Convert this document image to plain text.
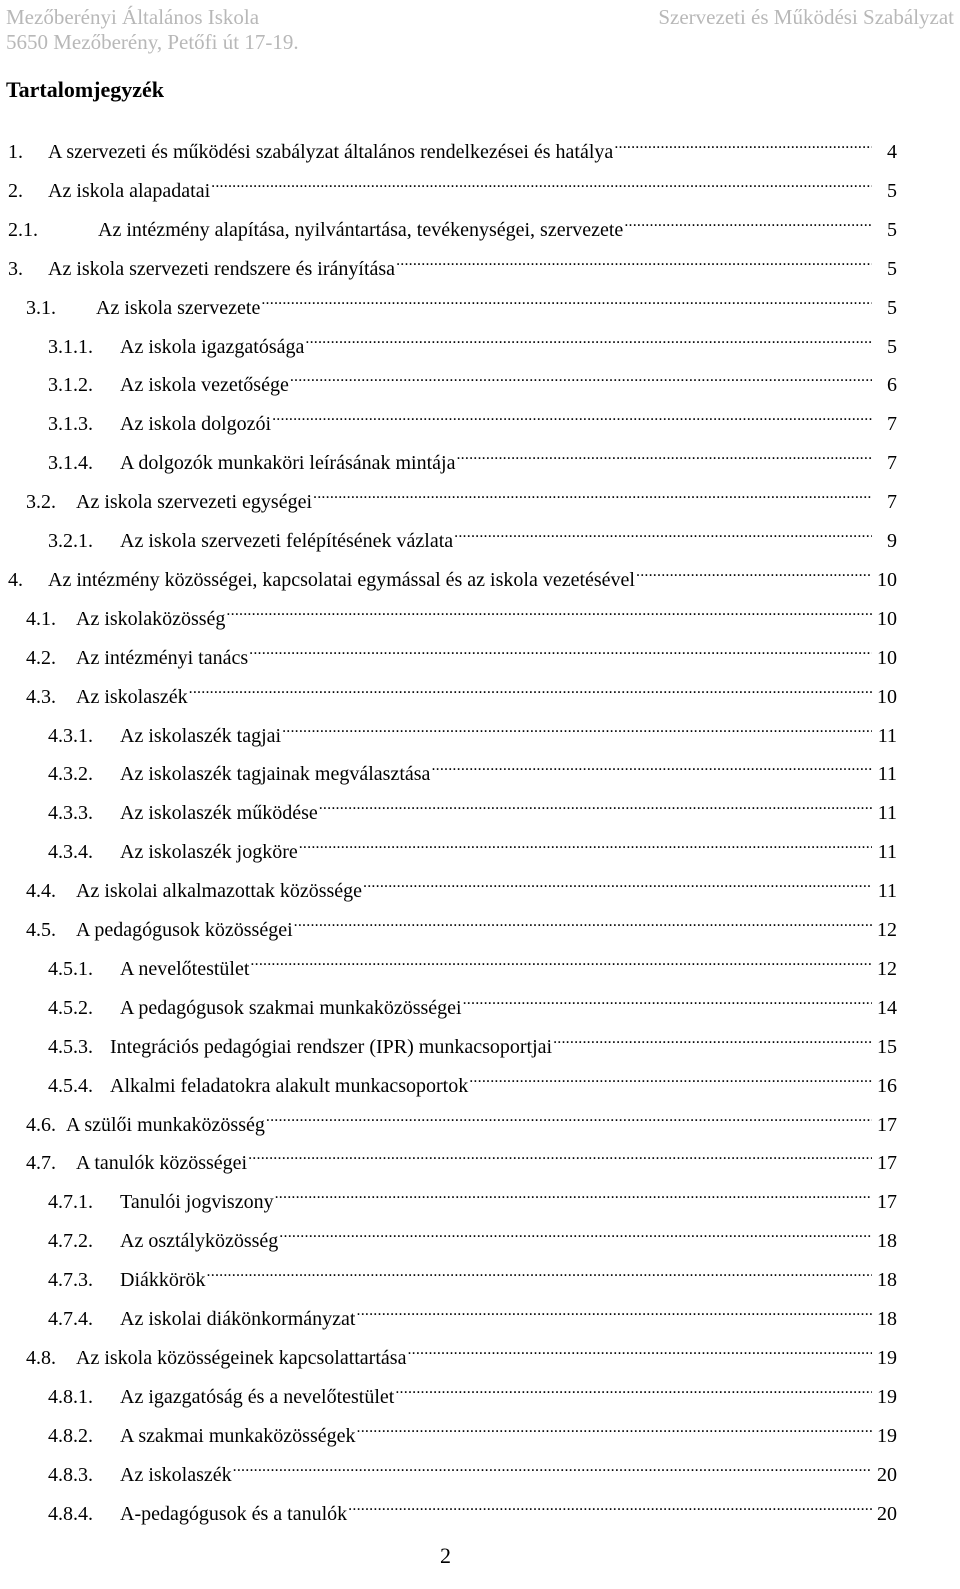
Mezőberényi Általános Iskola
5650 Mezőberény, Petőfi út 17-19.
Szervezeti és Működési Szabályzat
Tartalomjegyzék
1.	A szervezeti és működési szabályzat általános rendelkezései és hatálya .....	4
2.	Az iskola alapadatai .....	5
2.1.	Az intézmény alapítása, nyilvántartása, tevékenységei, szervezete .....	5
3.	Az iskola szervezeti rendszere és irányítása .....	5
3.1.	Az iskola szervezete .....	5
3.1.1.	Az iskola igazgatósága .....	5
3.1.2.	Az iskola vezetősége .....	6
3.1.3.	Az iskola dolgozói .....	7
3.1.4.	A dolgozók munkaköri leírásának mintája .....	7
3.2.	Az iskola szervezeti egységei .....	7
3.2.1.	Az iskola szervezeti felépítésének vázlata .....	9
4.	Az intézmény közösségei, kapcsolatai egymással és az iskola vezetésével .....	10
4.1.	Az iskolaközösség .....	10
4.2.	Az intézményi tanács .....	10
4.3.	Az iskolaszék .....	10
4.3.1.	Az iskolaszék tagjai .....	11
4.3.2.	Az iskolaszék tagjainak megválasztása .....	11
4.3.3.	Az iskolaszék működése .....	11
4.3.4.	Az iskolaszék jogköre .....	11
4.4.	Az iskolai alkalmazottak közössége .....	11
4.5.	A pedagógusok közösségei .....	12
4.5.1.	A nevelőtestület .....	12
4.5.2.	A pedagógusok szakmai munkaközösségei .....	14
4.5.3. Integrációs pedagógiai rendszer (IPR) munkacsoportjai .....	15
4.5.4. Alkalmi feladatokra alakult munkacsoportok .....	16
4.6. A szülői munkaközösség .....	17
4.7.	A tanulók közösségei .....	17
4.7.1.	Tanulói jogviszony .....	17
4.7.2.	Az osztályközösség .....	18
4.7.3.	Diákkörök .....	18
4.7.4.	Az iskolai diákönkormányzat .....	18
4.8.	Az iskola közösségeinek kapcsolattartása .....	19
4.8.1.	Az igazgatóság és a nevelőtestület .....	19
4.8.2.	A szakmai munkaközösségek .....	19
4.8.3.	Az iskolaszék .....	20
4.8.4.	A-pedagógusok és a tanulók .....	20
2
